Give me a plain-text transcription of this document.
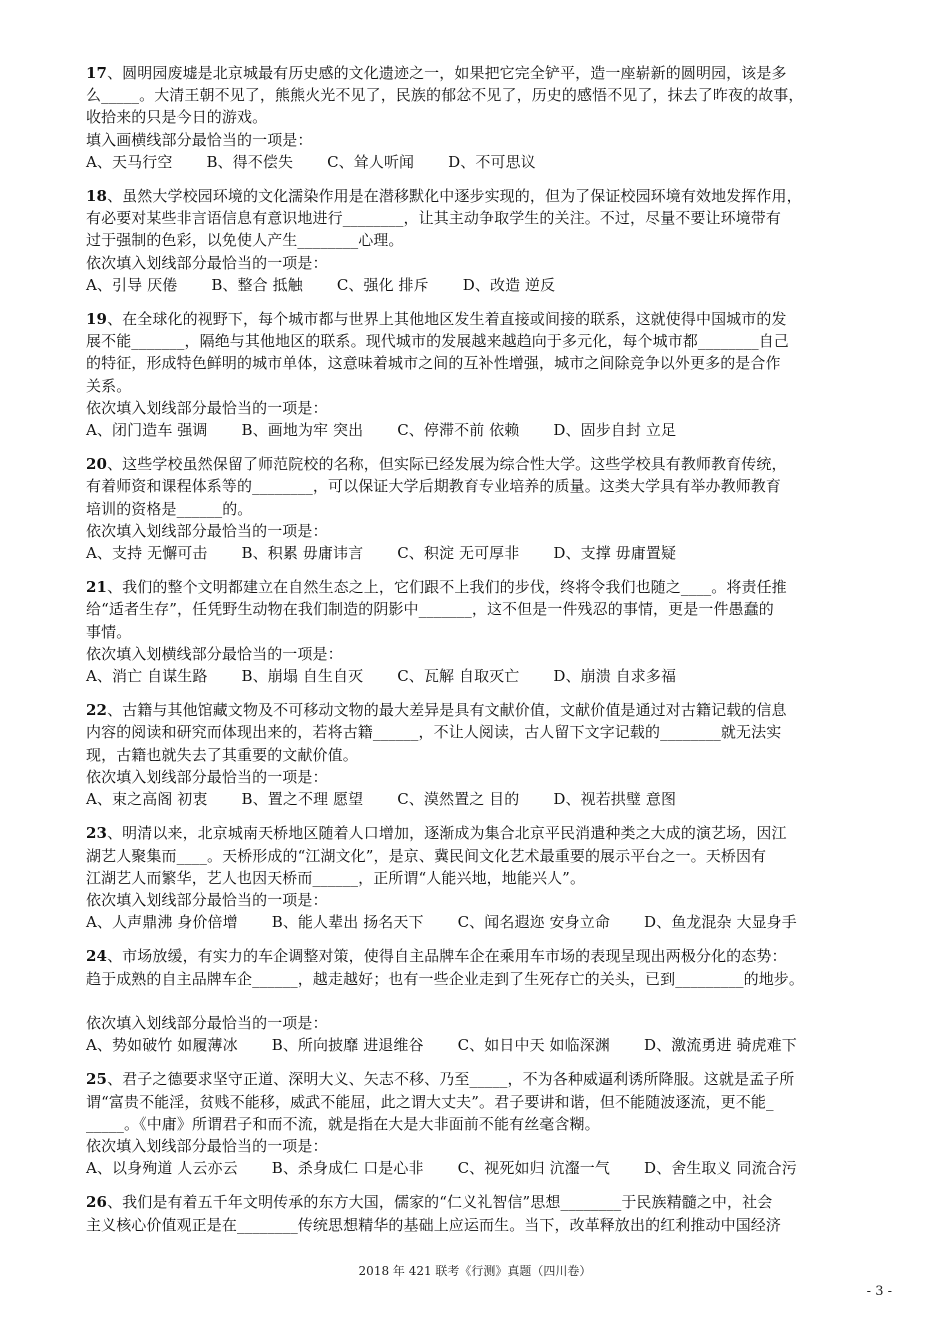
17、圆明园废墟是北京城最有历史感的文化遗迹之一，如果把它完全铲平，造一座崭新的圆明园，该是多
么_____。大清王朝不见了，熊熊火光不见了，民族的郁忿不见了，历史的感悟不见了，抹去了昨夜的故事，
收拾来的只是今日的游戏。
填入画横线部分最恰当的一项是：
A、天马行空 B、得不偿失 C、耸人听闻 D、不可思议
18、虽然大学校园环境的文化濡染作用是在潜移默化中逐步实现的，但为了保证校园环境有效地发挥作用，
有必要对某些非言语信息有意识地进行________，让其主动争取学生的关注。不过，尽量不要让环境带有
过于强制的色彩，以免使人产生________心理。
依次填入划线部分最恰当的一项是：
A、引导 厌倦 B、整合 抵触 C、强化 排斥 D、改造 逆反
19、在全球化的视野下，每个城市都与世界上其他地区发生着直接或间接的联系，这就使得中国城市的发
展不能_______，隔绝与其他地区的联系。现代城市的发展越来越趋向于多元化，每个城市都________自己
的特征，形成特色鲜明的城市单体，这意味着城市之间的互补性增强，城市之间除竞争以外更多的是合作
关系。
依次填入划线部分最恰当的一项是：
A、闭门造车 强调 B、画地为牢 突出 C、停滞不前 依赖 D、固步自封 立足
20、这些学校虽然保留了师范院校的名称，但实际已经发展为综合性大学。这些学校具有教师教育传统，
有着师资和课程体系等的________，可以保证大学后期教育专业培养的质量。这类大学具有举办教师教育
培训的资格是______的。
依次填入划线部分最恰当的一项是：
A、支持 无懈可击 B、积累 毋庸讳言 C、积淀 无可厚非 D、支撑 毋庸置疑
21、我们的整个文明都建立在自然生态之上，它们跟不上我们的步伐，终将令我们也随之____。将责任推
给“适者生存”，任凭野生动物在我们制造的阴影中_______，这不但是一件残忍的事情，更是一件愚蠢的
事情。
依次填入划横线部分最恰当的一项是：
A、消亡 自谋生路 B、崩塌 自生自灭 C、瓦解 自取灭亡 D、崩溃 自求多福
22、古籍与其他馆藏文物及不可移动文物的最大差异是具有文献价值，文献价值是通过对古籍记载的信息
内容的阅读和研究而体现出来的，若将古籍______，不让人阅读，古人留下文字记载的________就无法实
现，古籍也就失去了其重要的文献价值。
依次填入划线部分最恰当的一项是：
A、束之高阁 初衷 B、置之不理 愿望 C、漠然置之 目的 D、视若拱璧 意图
23、明清以来，北京城南天桥地区随着人口增加，逐渐成为集合北京平民消遣种类之大成的演艺场，因江
湖艺人聚集而____。天桥形成的“江湖文化”，是京、冀民间文化艺术最重要的展示平台之一。天桥因有
江湖艺人而繁华，艺人也因天桥而______，正所谓“人能兴地，地能兴人”。
依次填入划线部分最恰当的一项是：
A、人声鼎沸 身价倍增 B、能人辈出 扬名天下 C、闻名遐迩 安身立命 D、鱼龙混杂 大显身手
24、市场放缓，有实力的车企调整对策，使得自主品牌车企在乘用车市场的表现呈现出两极分化的态势：
趋于成熟的自主品牌车企______，越走越好；也有一些企业走到了生死存亡的关头，已到_________的地步。
依次填入划线部分最恰当的一项是：
A、势如破竹 如履薄冰 B、所向披靡 进退维谷 C、如日中天 如临深渊 D、激流勇进 骑虎难下
25、君子之德要求坚守正道、深明大义、矢志不移、乃至_____，不为各种威逼利诱所降服。这就是孟子所
谓“富贵不能淫，贫贱不能移，威武不能屈，此之谓大丈夫”。君子要讲和谐，但不能随波逐流，更不能_
_____。《中庸》所谓君子和而不流，就是指在大是大非面前不能有丝毫含糊。
依次填入划线部分最恰当的一项是：
A、以身殉道 人云亦云 B、杀身成仁 口是心非 C、视死如归 沆瀣一气 D、舍生取义 同流合污
26、我们是有着五千年文明传承的东方大国，儒家的“仁义礼智信”思想________于民族精髓之中，社会
主义核心价值观正是在________传统思想精华的基础上应运而生。当下，改革释放出的红利推动中国经济
2018 年 421 联考《行测》真题（四川卷）
- 3 -
